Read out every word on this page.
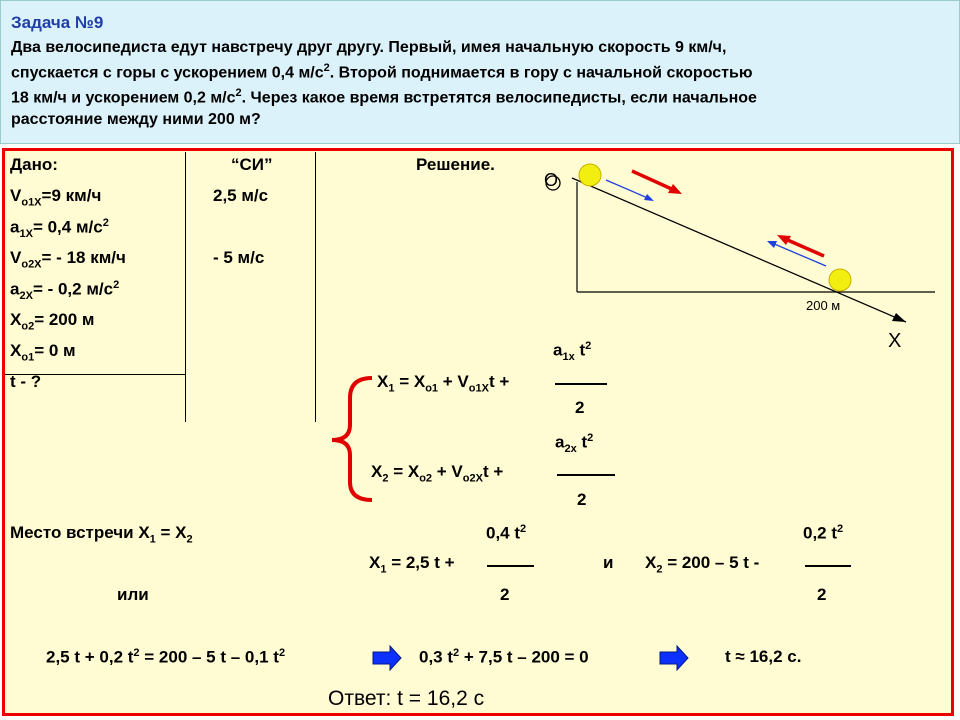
Задача №9
Два велосипедиста едут навстречу друг другу. Первый, имея начальную скорость 9 км/ч,
спускается с горы с ускорением 0,4 $м/с^2$. Второй поднимается в гору с начальной скоростью
18 км/ч и ускорением 0,2 $м/с^2$. Через какое время встретятся велосипедисты, если начальное
расстояние между ними 200 м?
Дано:	“СИ”	Решение.
$V_{o1X}=9$ км/ч	2,5 м/с
$a_{1X}= 0,4$ $м/с^2$
$V_{o2X}= - 18$ км/ч	- 5 м/с
$a_{2X}= - 0,2$ $м/с^2$
$X_{o2}= 200$ м
$X_{o1}= 0$ м
t - ?
О
X
200 м
$a_{1x}$ $t^2$
$X_1 = X_{o1} + V_{o1X}t$ +
2
$a_{2x}$ $t^2$
$X_2 = X_{o2} + V_{o2X}t$ +
2
Место встречи $X_1 = X_2$	0,4 $t^2$
$X_1 = 2,5$ t +
2
и
0,2 $t^2$
$X_2 = 200 - 5$ t -
2
или
2,5 t + 0,2 $t^2 = 200 - 5$ t – 0,1 $t^2$	0,3 $t^2 + 7,5$ t – 200 = 0	t ≈ 16,2 с.
Ответ: t = 16,2 с
